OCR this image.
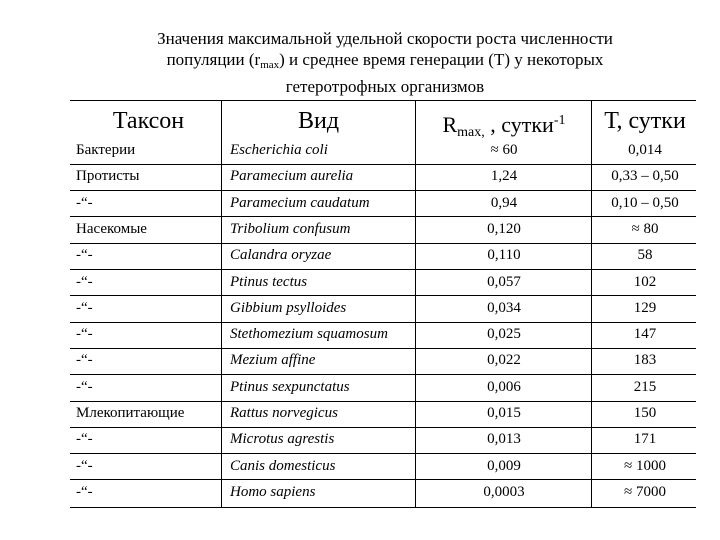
Значения максимальной удельной скорости роста численности
популяции $(r_{max})$ и среднее время генерации (Т) у некоторых
гетеротрофных организмов
Таксон	Вид	$R_{max,}$ , сутки$^{-1}$	Т, сутки
Бактерии	Escherichia coli	≈ 60	0,014
Протисты	Paramecium aurelia	1,24	0,33 – 0,50
-“-	Paramecium caudatum	0,94	0,10 – 0,50
Насекомые	Tribolium confusum	0,120	≈ 80
-“-	Calandra oryzae	0,110	58
-“-	Ptinus tectus	0,057	102
-“-	Gibbium psylloides	0,034	129
-“-	Stethomezium squamosum	0,025	147
-“-	Mezium affine	0,022	183
-“-	Ptinus sexpunctatus	0,006	215
Млекопитающие	Rattus norvegicus	0,015	150
-“-	Microtus agrestis	0,013	171
-“-	Canis domesticus	0,009	≈ 1000
-“-	Homo sapiens	0,0003	≈ 7000
